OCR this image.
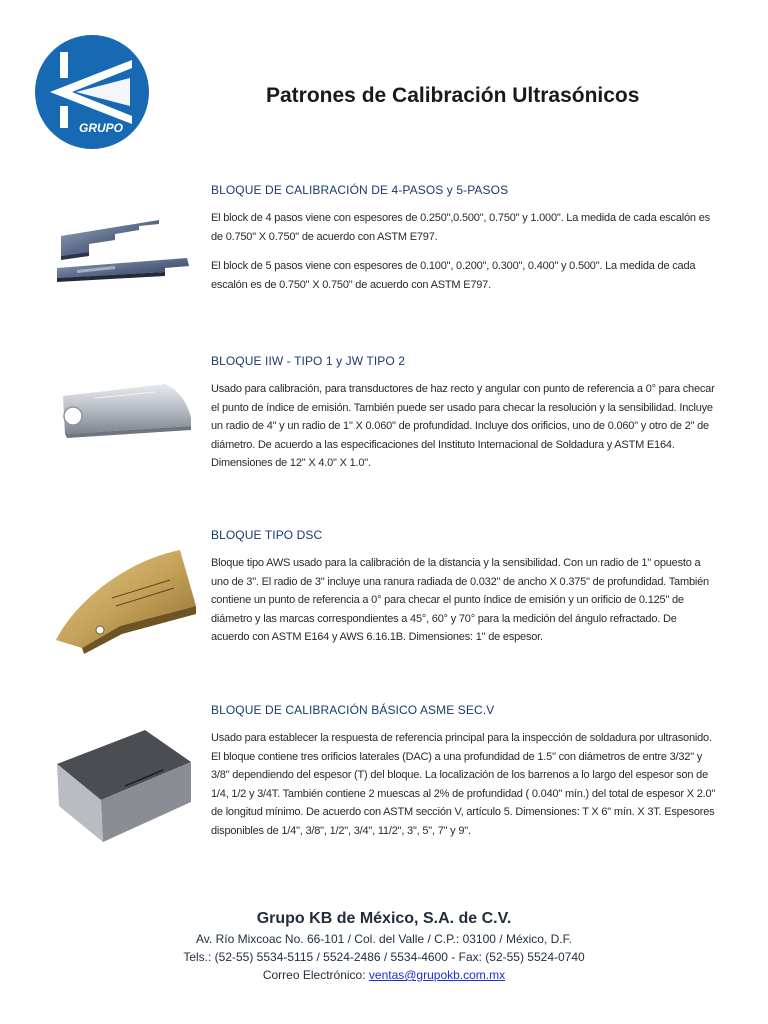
GRUPO
Patrones de Calibración Ultrasónicos
BLOQUE DE CALIBRACIÓN DE 4-PASOS y 5-PASOS

El block de 4 pasos viene con espesores de 0.250",0.500", 0.750" y 1.000". La medida de cada escalón es de 0.750" X 0.750" de acuerdo con ASTM E797.

El block de 5 pasos viene con espesores de 0.100", 0.200", 0.300", 0.400" y 0.500". La medida de cada escalón es de 0.750" X 0.750" de acuerdo con ASTM E797.

BLOQUE IIW - TIPO 1 y JW TIPO 2

Usado para calibración, para transductores de haz recto y angular con punto de referencia a 0° para checar el punto de índice de emisión. También puede ser usado para checar la resolución y la sensibilidad. Incluye un radio de 4" y un radio de 1" X 0.060" de profundidad. Incluye dos orificios, uno de 0.060" y otro de 2" de diámetro. De acuerdo a las especificaciones del Instituto Internacional de Soldadura y ASTM E164. Dimensiones de 12" X 4.0" X 1.0".

BLOQUE TIPO DSC

Bloque tipo AWS usado para la calibración de la distancia y la sensibilidad. Con un radio de 1" opuesto a uno de 3". El radio de 3" incluye una ranura radiada de 0.032" de ancho X 0.375" de profundidad. También contiene un punto de referencia a 0° para checar el punto índice de emisión y un orificio de 0.125" de diámetro y las marcas correspondientes a 45°, 60° y 70° para la medición del ángulo refractado. De acuerdo con ASTM E164 y AWS 6.16.1B. Dimensiones: 1" de espesor.

BLOQUE DE CALIBRACIÓN BÁSICO ASME SEC.V

Usado para establecer la respuesta de referencia principal para la inspección de soldadura por ultrasonido. El bloque contiene tres orificios laterales (DAC) a una profundidad de 1.5" con diámetros de entre 3/32" y 3/8" dependiendo del espesor (T) del bloque. La localización de los barrenos a lo largo del espesor son de 1/4, 1/2 y 3/4T. También contiene 2 muescas al 2% de profundidad ( 0.040" mín.) del total de espesor X 2.0" de longitud mínimo. De acuerdo con ASTM sección V, artículo 5. Dimensiones: T X 6" mín. X 3T. Espesores disponibles de 1/4", 3/8", 1/2", 3/4", 11/2", 3", 5", 7" y 9".

Grupo KB de México, S.A. de C.V.

Av. Río Mixcoac No. 66-101 / Col. del Valle / C.P.: 03100 / México, D.F.

Tels.: (52-55) 5534-5115 / 5524-2486 / 5534-4600 - Fax: (52-55) 5524-0740

Correo Electrónico: ventas@grupokb.com.mx
